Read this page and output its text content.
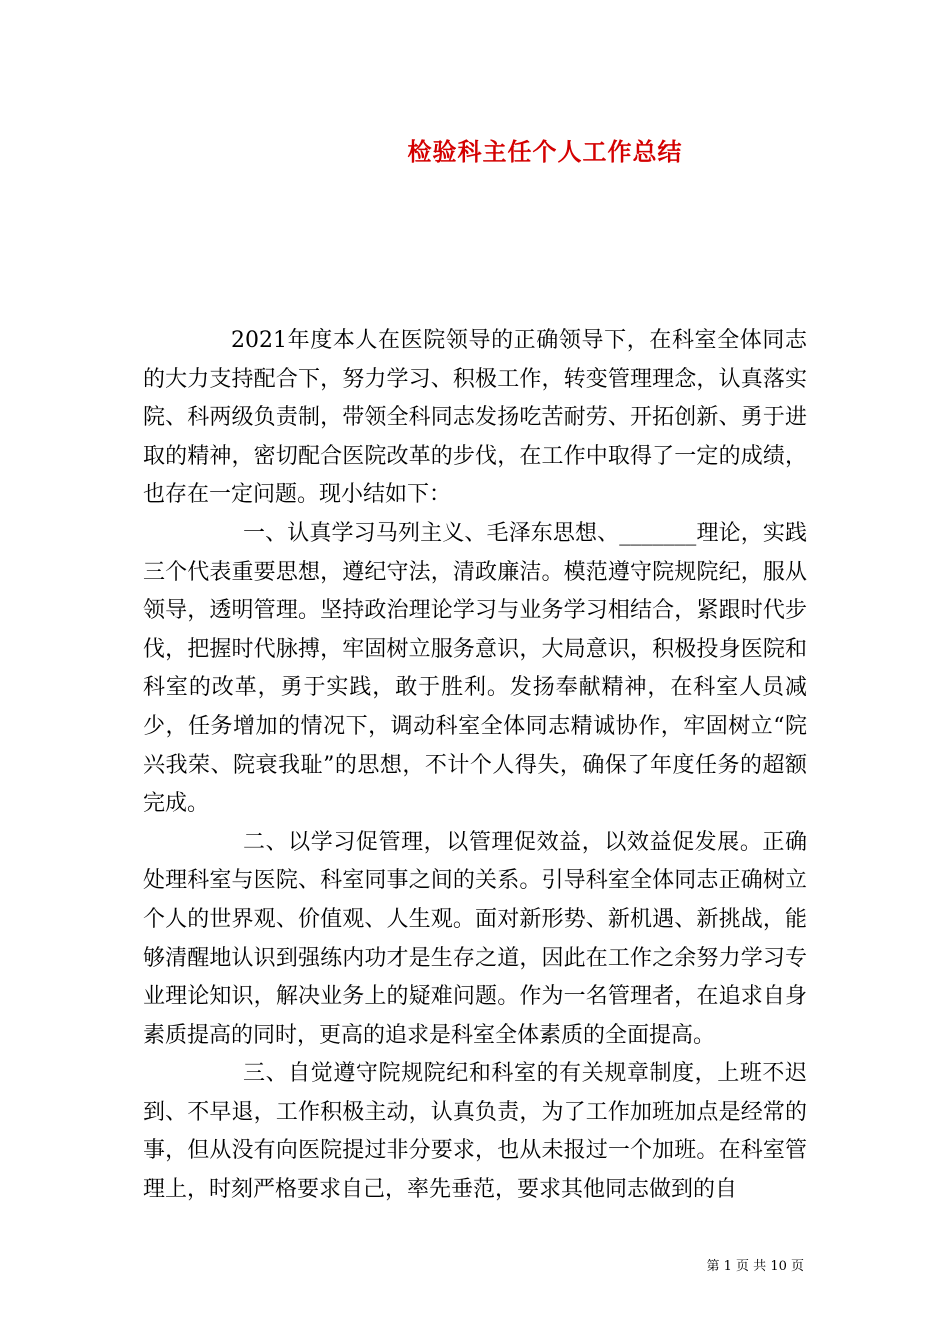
检验科主任个人工作总结

2021年度本人在医院领导的正确领导下，在科室全体同志的大力支持配合下，努力学习、积极工作，转变管理理念，认真落实院、科两级负责制，带领全科同志发扬吃苦耐劳、开拓创新、勇于进取的精神，密切配合医院改革的步伐，在工作中取得了一定的成绩，也存在一定问题。现小结如下：

一、认真学习马列主义、毛泽东思想、_______理论，实践三个代表重要思想，遵纪守法，清政廉洁。模范遵守院规院纪，服从领导，透明管理。坚持政治理论学习与业务学习相结合，紧跟时代步伐，把握时代脉搏，牢固树立服务意识，大局意识，积极投身医院和科室的改革，勇于实践，敢于胜利。发扬奉献精神，在科室人员减少，任务增加的情况下，调动科室全体同志精诚协作，牢固树立“院兴我荣、院衰我耻”的思想，不计个人得失，确保了年度任务的超额完成。

二、以学习促管理，以管理促效益，以效益促发展。正确处理科室与医院、科室同事之间的关系。引导科室全体同志正确树立个人的世界观、价值观、人生观。面对新形势、新机遇、新挑战，能够清醒地认识到强练内功才是生存之道，因此在工作之余努力学习专业理论知识，解决业务上的疑难问题。作为一名管理者，在追求自身素质提高的同时，更高的追求是科室全体素质的全面提高。

三、自觉遵守院规院纪和科室的有关规章制度，上班不迟到、不早退，工作积极主动，认真负责，为了工作加班加点是经常的事，但从没有向医院提过非分要求，也从未报过一个加班。在科室管理上，时刻严格要求自己，率先垂范，要求其他同志做到的自

第 1 页 共 10 页
